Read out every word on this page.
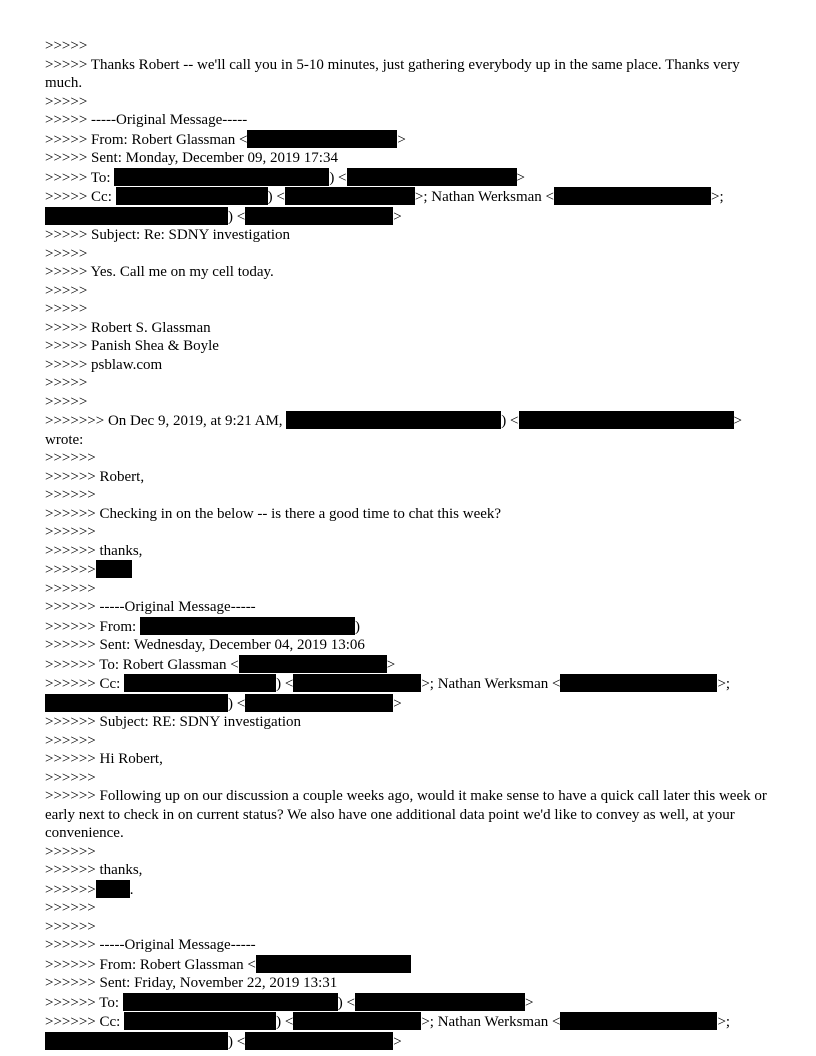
>>>>>
>>>>> Thanks Robert -- we'll call you in 5-10 minutes, just gathering everybody up in the same place. Thanks very much.
>>>>>
>>>>> -----Original Message-----
>>>>> From: Robert Glassman <	>
>>>>> Sent: Monday, December 09, 2019 17:34
>>>>> To:	) <	>
>>>>> Cc:	) <	>; Nathan Werksman <	>;
) <	>
>>>>> Subject: Re: SDNY investigation
>>>>>
>>>>> Yes. Call me on my cell today.
>>>>>
>>>>>
>>>>> Robert S. Glassman
>>>>> Panish Shea & Boyle
>>>>> psblaw.com
>>>>>
>>>>>
>>>>>>> On Dec 9, 2019, at 9:21 AM,	) <	>
wrote:
>>>>>>
>>>>>> Robert,
>>>>>>
>>>>>> Checking in on the below -- is there a good time to chat this week?
>>>>>>
>>>>>> thanks,
>>>>>>
>>>>>>
>>>>>> -----Original Message-----
>>>>>> From:	)
>>>>>> Sent: Wednesday, December 04, 2019 13:06
>>>>>> To: Robert Glassman <	>
>>>>>> Cc:	) <	>; Nathan Werksman <	>;
) <	>
>>>>>> Subject: RE: SDNY investigation
>>>>>>
>>>>>> Hi Robert,
>>>>>>
>>>>>> Following up on our discussion a couple weeks ago, would it make sense to have a quick call later this week or early next to check in on current status? We also have one additional data point we'd like to convey as well, at your convenience.
>>>>>>
>>>>>> thanks,
>>>>>> .
>>>>>>
>>>>>>
>>>>>> -----Original Message-----
>>>>>> From: Robert Glassman <
>>>>>> Sent: Friday, November 22, 2019 13:31
>>>>>> To:	) <	>
>>>>>> Cc:	) <	>; Nathan Werksman <	>;
) <	>
